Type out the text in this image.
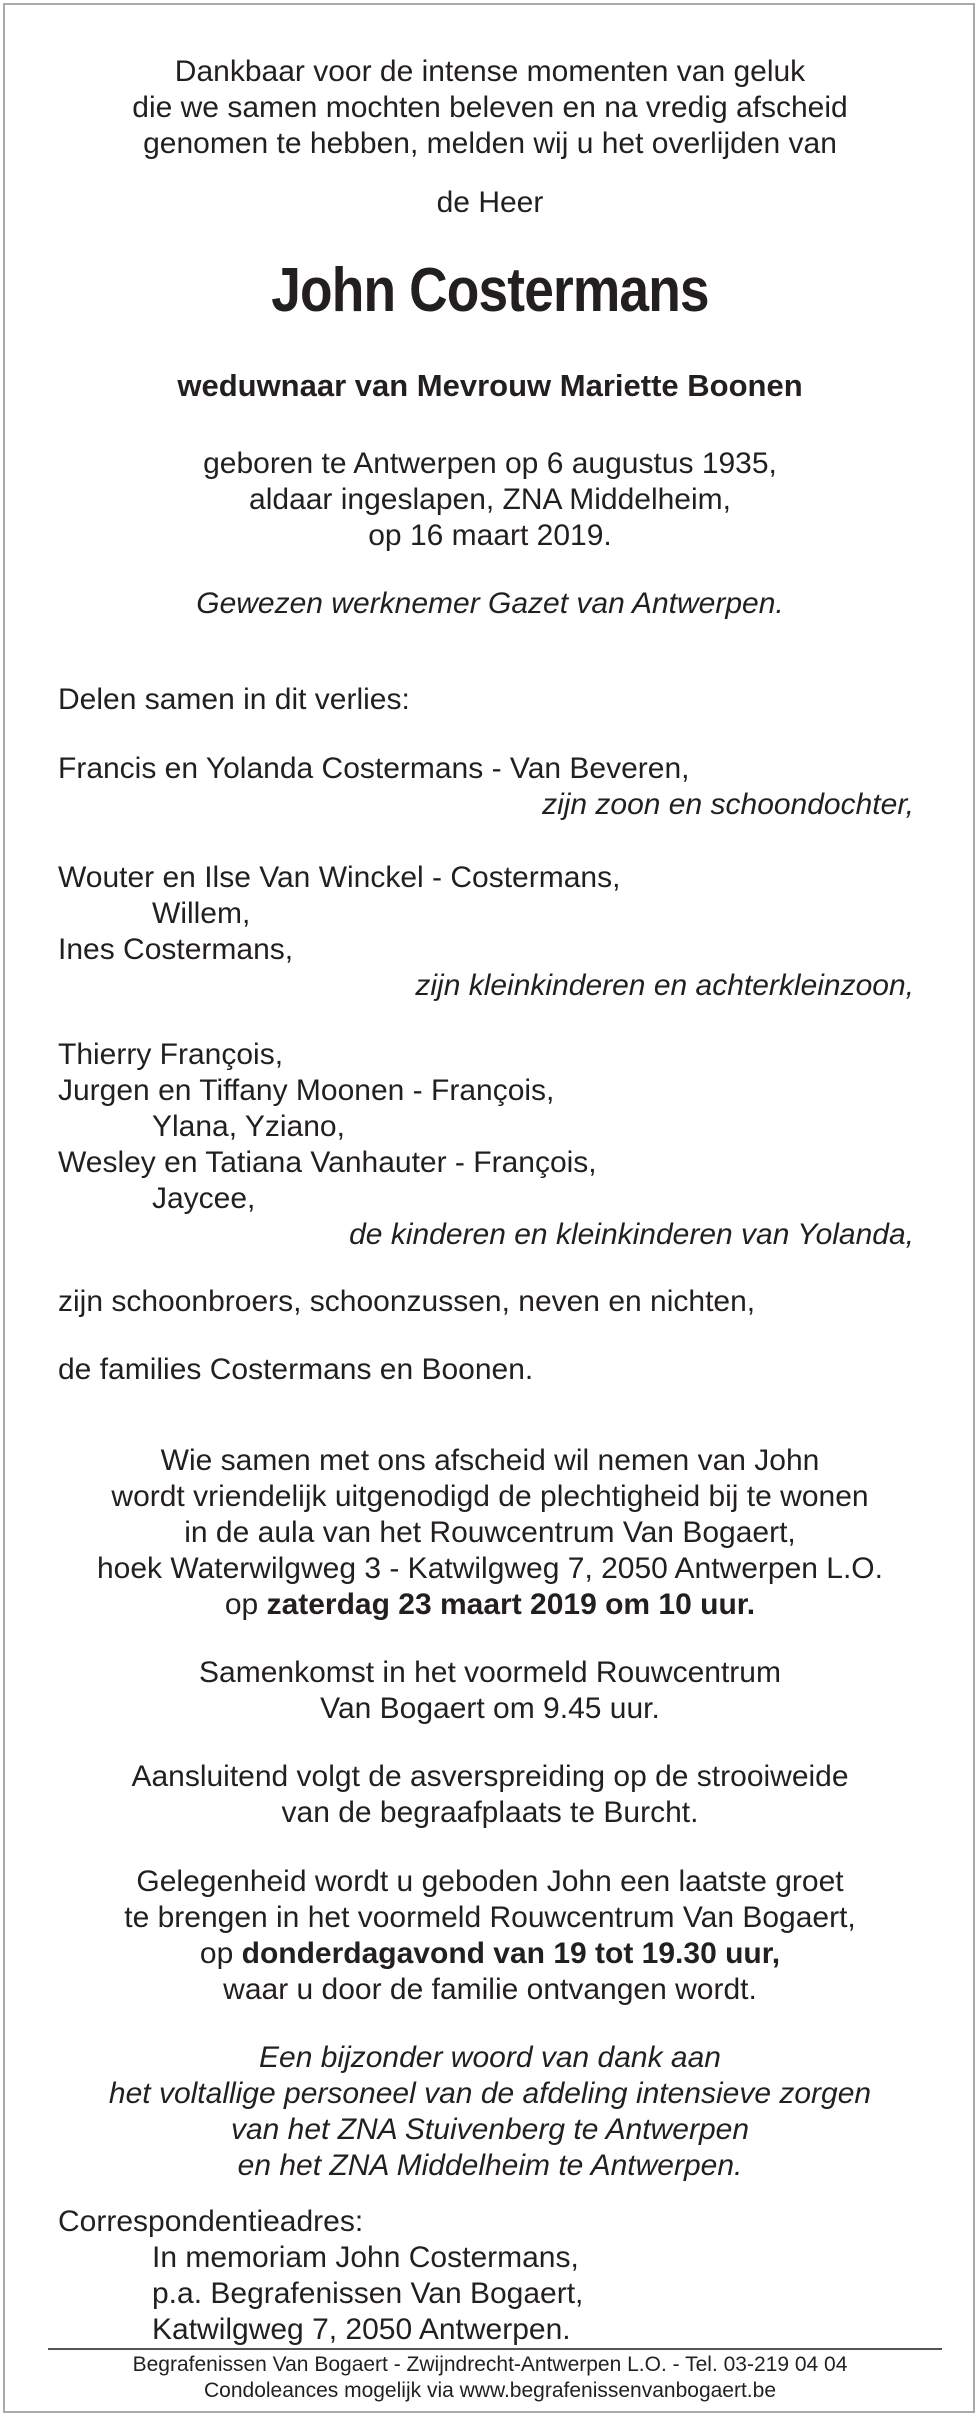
Dankbaar voor de intense momenten van geluk
die we samen mochten beleven en na vredig afscheid
genomen te hebben, melden wij u het overlijden van
de Heer
John Costermans
weduwnaar van Mevrouw Mariette Boonen
geboren te Antwerpen op 6 augustus 1935,
aldaar ingeslapen, ZNA Middelheim,
op 16 maart 2019.
Gewezen werknemer Gazet van Antwerpen.
Delen samen in dit verlies:
Francis en Yolanda Costermans - Van Beveren,
zijn zoon en schoondochter,
Wouter en Ilse Van Winckel - Costermans,
Willem,
Ines Costermans,
zijn kleinkinderen en achterkleinzoon,
Thierry François,
Jurgen en Tiffany Moonen - François,
Ylana, Yziano,
Wesley en Tatiana Vanhauter - François,
Jaycee,
de kinderen en kleinkinderen van Yolanda,
zijn schoonbroers, schoonzussen, neven en nichten,
de families Costermans en Boonen.
Wie samen met ons afscheid wil nemen van John
wordt vriendelijk uitgenodigd de plechtigheid bij te wonen
in de aula van het Rouwcentrum Van Bogaert,
hoek Waterwilgweg 3 - Katwilgweg 7, 2050 Antwerpen L.O.
op zaterdag 23 maart 2019 om 10 uur.
Samenkomst in het voormeld Rouwcentrum
Van Bogaert om 9.45 uur.
Aansluitend volgt de asverspreiding op de strooiweide
van de begraafplaats te Burcht.
Gelegenheid wordt u geboden John een laatste groet
te brengen in het voormeld Rouwcentrum Van Bogaert,
op donderdagavond van 19 tot 19.30 uur,
waar u door de familie ontvangen wordt.
Een bijzonder woord van dank aan
het voltallige personeel van de afdeling intensieve zorgen
van het ZNA Stuivenberg te Antwerpen
en het ZNA Middelheim te Antwerpen.
Correspondentieadres:
In memoriam John Costermans,
p.a. Begrafenissen Van Bogaert,
Katwilgweg 7, 2050 Antwerpen.
Begrafenissen Van Bogaert - Zwijndrecht-Antwerpen L.O. - Tel. 03-219 04 04
Condoleances mogelijk via www.begrafenissenvanbogaert.be
